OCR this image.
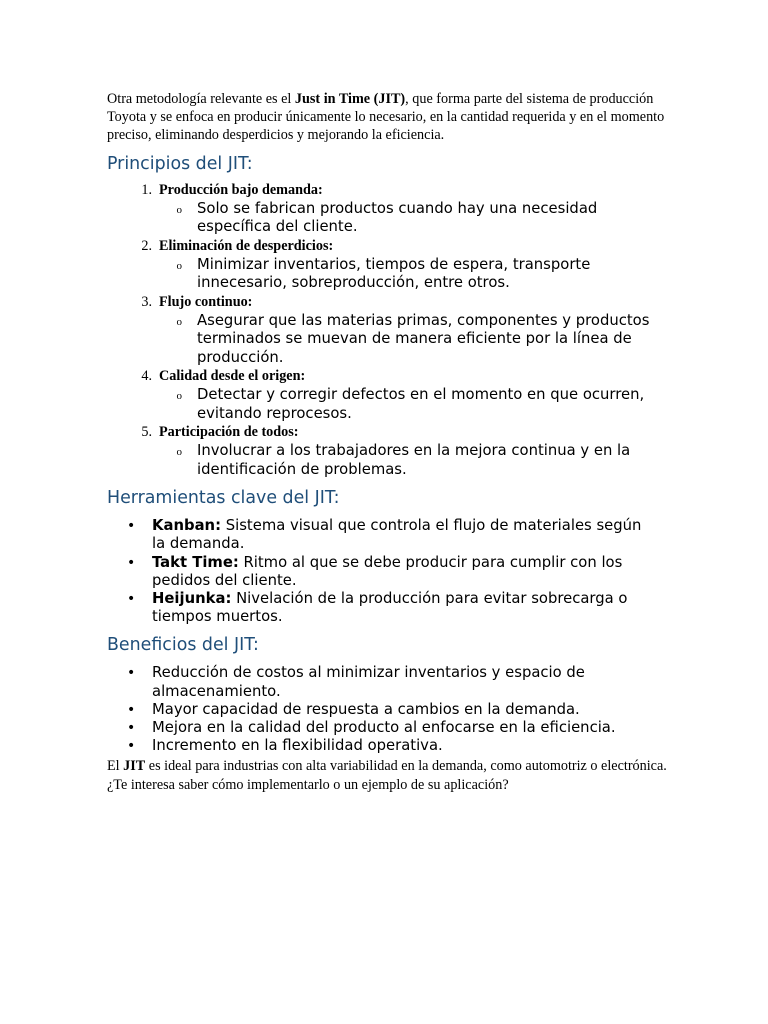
Otra metodología relevante es el Just in Time (JIT), que forma parte del sistema de producción Toyota y se enfoca en producir únicamente lo necesario, en la cantidad requerida y en el momento preciso, eliminando desperdicios y mejorando la eficiencia.

Principios del JIT:
1. Producción bajo demanda:
o	Solo se fabrican productos cuando hay una necesidad específica del cliente.
2. Eliminación de desperdicios:
o	Minimizar inventarios, tiempos de espera, transporte innecesario, sobreproducción, entre otros.
3. Flujo continuo:
o	Asegurar que las materias primas, componentes y productos terminados se muevan de manera eficiente por la línea de producción.
4. Calidad desde el origen:
o	Detectar y corregir defectos en el momento en que ocurren, evitando reprocesos.
5. Participación de todos:
o	Involucrar a los trabajadores en la mejora continua y en la identificación de problemas.
Herramientas clave del JIT:
•	Kanban: Sistema visual que controla el flujo de materiales según la demanda.
•	Takt Time: Ritmo al que se debe producir para cumplir con los pedidos del cliente.
•	Heijunka: Nivelación de la producción para evitar sobrecarga o tiempos muertos.
Beneficios del JIT:
•	Reducción de costos al minimizar inventarios y espacio de almacenamiento.
•	Mayor capacidad de respuesta a cambios en la demanda.
•	Mejora en la calidad del producto al enfocarse en la eficiencia.
•	Incremento en la flexibilidad operativa.

El JIT es ideal para industrias con alta variabilidad en la demanda, como automotriz o electrónica. ¿Te interesa saber cómo implementarlo o un ejemplo de su aplicación?
